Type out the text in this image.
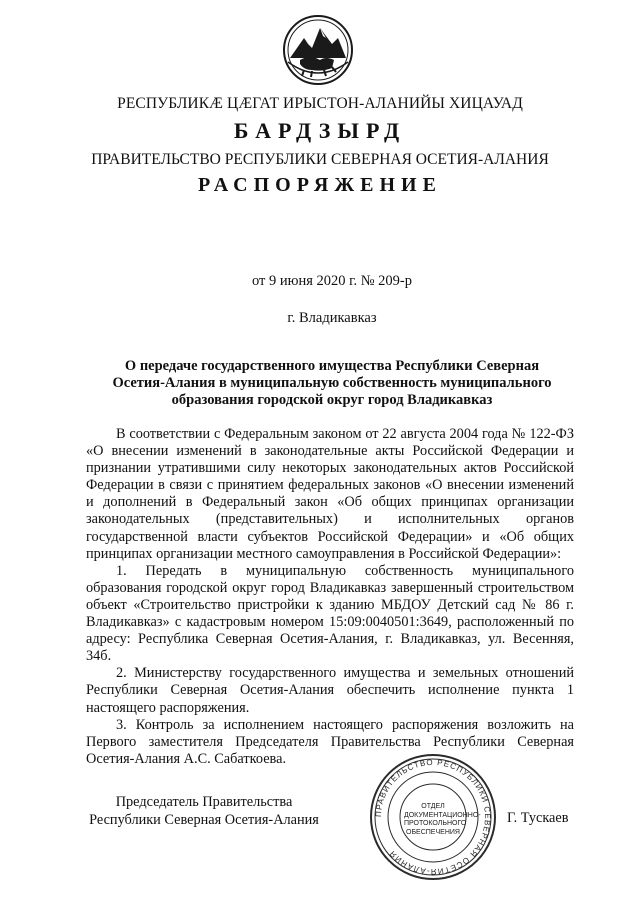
РЕСПУБЛИКӔ ЦӔГАТ ИРЫСТОН-АЛАНИЙЫ ХИЦАУАД
БАРДЗЫРД
ПРАВИТЕЛЬСТВО РЕСПУБЛИКИ СЕВЕРНАЯ ОСЕТИЯ-АЛАНИЯ
РАСПОРЯЖЕНИЕ
от 9 июня 2020 г. № 209-р
г. Владикавказ
О передаче государственного имущества Республики Северная
Осетия-Алания в муниципальную собственность муниципального
образования городской округ город Владикавказ

В соответствии с Федеральным законом от 22 августа 2004 года № 122-ФЗ «О внесении изменений в законодательные акты Российской Федерации и признании утратившими силу некоторых законодательных актов Российской Федерации в связи с принятием федеральных законов «О внесении изменений и дополнений в Федеральный закон «Об общих принципах организации законодательных (представительных) и исполнительных органов государственной власти субъектов Российской Федерации» и «Об общих принципах организации местного самоуправления в Российской Федерации»:

1. Передать в муниципальную собственность муниципального образования городской округ город Владикавказ завершенный строительством объект «Строительство пристройки к зданию МБДОУ Детский сад № 86 г. Владикавказ» с кадастровым номером 15:09:0040501:3649, расположенный по адресу: Республика Северная Осетия-Алания, г. Владикавказ, ул. Весенняя, 34б.

2. Министерству государственного имущества и земельных отношений Республики Северная Осетия-Алания обеспечить исполнение пункта 1 настоящего распоряжения.

3. Контроль за исполнением настоящего распоряжения возложить на Первого заместителя Председателя Правительства Республики Северная Осетия-Алания А.С. Сабаткоева.

Председатель Правительства
Республики Северная Осетия-Алания	Г. Тускаев
ПРАВИТЕЛЬСТВО РЕСПУБЛИКИ СЕВЕРНАЯ ОСЕТИЯ-АЛАНИЯ
ОТДЕЛ ДОКУМЕНТАЦИОННО-ПРОТОКОЛЬНОГО ОБЕСПЕЧЕНИЯ
